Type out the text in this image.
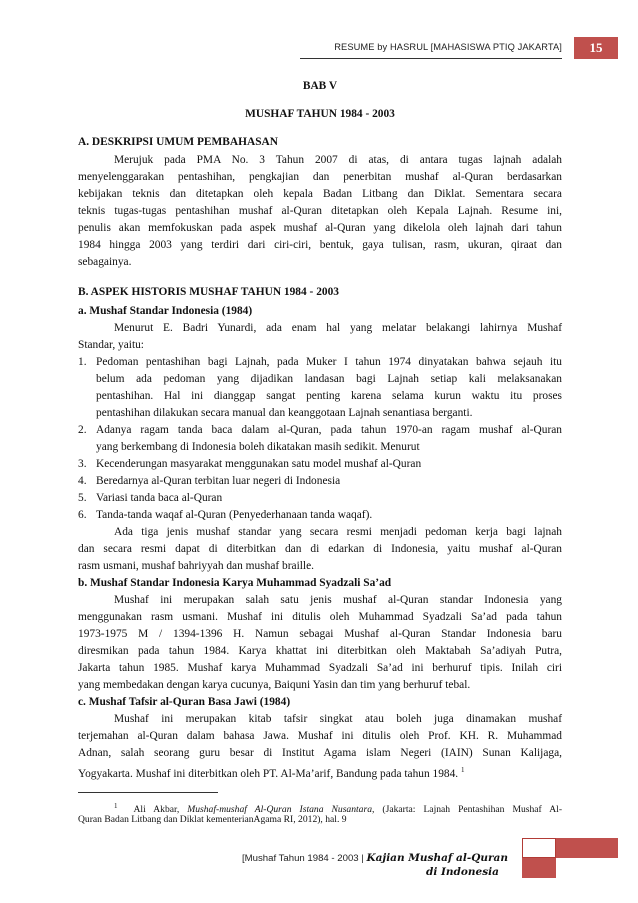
RESUME by HASRUL [MAHASISWA PTIQ JAKARTA]	15

BAB V

MUSHAF TAHUN 1984 - 2003

A. DESKRIPSI UMUM PEMBAHASAN

Merujuk pada PMA No. 3 Tahun 2007 di atas, di antara tugas lajnah adalah

menyelenggarakan pentashihan, pengkajian dan penerbitan mushaf al-Quran berdasarkan

kebijakan teknis dan ditetapkan oleh kepala Badan Litbang dan Diklat. Sementara secara

teknis tugas-tugas pentashihan mushaf al-Quran ditetapkan oleh Kepala Lajnah. Resume ini,

penulis akan memfokuskan pada aspek mushaf al-Quran yang dikelola oleh lajnah dari tahun

1984 hingga 2003 yang terdiri dari ciri-ciri, bentuk, gaya tulisan, rasm, ukuran, qiraat dan

sebagainya.

B. ASPEK HISTORIS MUSHAF TAHUN 1984 - 2003

a. Mushaf Standar Indonesia (1984)

Menurut E. Badri Yunardi, ada enam hal yang melatar belakangi lahirnya Mushaf

Standar, yaitu:

1. Pedoman pentashihan bagi Lajnah, pada Muker I tahun 1974 dinyatakan bahwa sejauh itu

belum ada pedoman yang dijadikan landasan bagi Lajnah setiap kali melaksanakan

pentashihan. Hal ini dianggap sangat penting karena selama kurun waktu itu proses

pentashihan dilakukan secara manual dan keanggotaan Lajnah senantiasa berganti.

2. Adanya ragam tanda baca dalam al-Quran, pada tahun 1970-an ragam mushaf al-Quran

yang berkembang di Indonesia boleh dikatakan masih sedikit. Menurut

3. Kecenderungan masyarakat menggunakan satu model mushaf al-Quran

4. Beredarnya al-Quran terbitan luar negeri di Indonesia

5. Variasi tanda baca al-Quran

6. Tanda-tanda waqaf al-Quran (Penyederhanaan tanda waqaf).

Ada tiga jenis mushaf standar yang secara resmi menjadi pedoman kerja bagi lajnah

dan secara resmi dapat di diterbitkan dan di edarkan di Indonesia, yaitu mushaf al-Quran

rasm usmani, mushaf bahriyyah dan mushaf braille.

b. Mushaf Standar Indonesia Karya Muhammad Syadzali Sa’ad

Mushaf ini merupakan salah satu jenis mushaf al-Quran standar Indonesia yang

menggunakan rasm usmani. Mushaf ini ditulis oleh Muhammad Syadzali Sa’ad pada tahun

1973-1975 M / 1394-1396 H. Namun sebagai Mushaf al-Quran Standar Indonesia baru

diresmikan pada tahun 1984. Karya khattat ini diterbitkan oleh Maktabah Sa’adiyah Putra,

Jakarta tahun 1985. Mushaf karya Muhammad Syadzali Sa’ad ini berhuruf tipis. Inilah ciri

yang membedakan dengan karya cucunya, Baiquni Yasin dan tim yang berhuruf tebal.

c. Mushaf Tafsir al-Quran Basa Jawi (1984)

Mushaf ini merupakan kitab tafsir singkat atau boleh juga dinamakan mushaf

terjemahan al-Quran dalam bahasa Jawa. Mushaf ini ditulis oleh Prof. KH. R. Muhammad

Adnan, salah seorang guru besar di Institut Agama islam Negeri (IAIN) Sunan Kalijaga,

Yogyakarta. Mushaf ini diterbitkan oleh PT. Al-Ma’arif, Bandung pada tahun 1984. $^1$

$^1$ Ali Akbar, Mushaf-mushaf Al-Quran Istana Nusantara, (Jakarta: Lajnah Pentashihan Mushaf Al-
Quran Badan Litbang dan Diklat kementerianAgama RI, 2012), hal. 9
[Mushaf Tahun 1984 - 2003 | Kajian Mushaf al-Quran
di Indonesia
